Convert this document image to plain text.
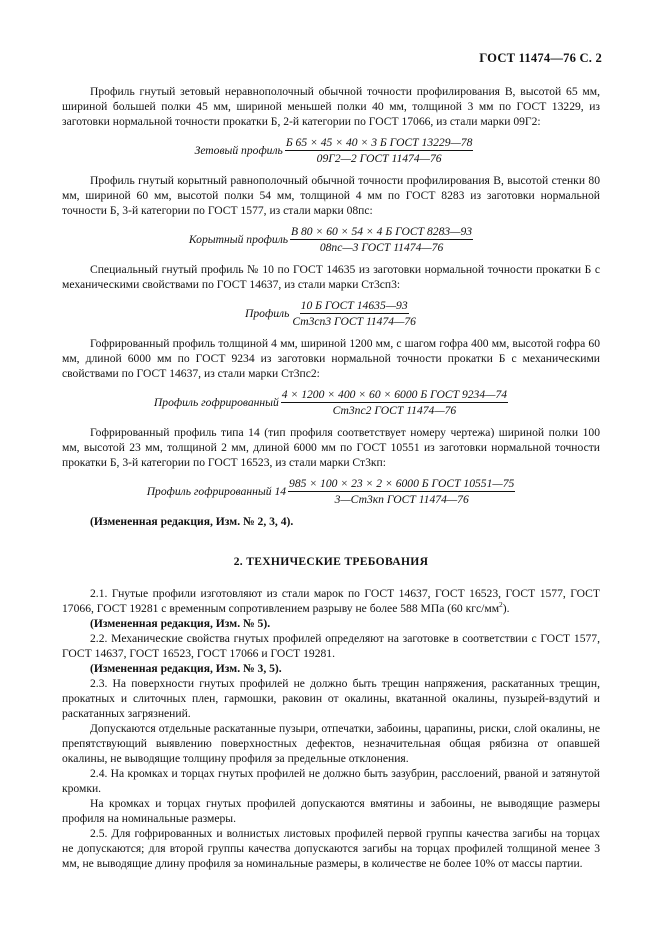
ГОСТ 11474—76 С. 2

Профиль гнутый зетовый неравнополочный обычной точности профилирования В, высотой 65 мм, шириной большей полки 45 мм, шириной меньшей полки 40 мм, толщиной 3 мм по ГОСТ 13229, из заготовки нормальной точности прокатки Б, 2-й категории по ГОСТ 17066, из стали марки 09Г2:

Зетовый профиль $\frac{\text{Б 65 × 45 × 40 × 3 Б ГОСТ 13229—78}}{\text{09Г2—2 ГОСТ 11474—76}}$

Профиль гнутый корытный равнополочный обычной точности профилирования В, высотой стенки 80 мм, шириной 60 мм, высотой полки 54 мм, толщиной 4 мм по ГОСТ 8283 из заготовки нормальной точности Б, 3-й категории по ГОСТ 1577, из стали марки 08пс:

Корытный профиль $\frac{\text{В 80 × 60 × 54 × 4 Б ГОСТ 8283—93}}{\text{08пс—3 ГОСТ 11474—76}}$

Специальный гнутый профиль № 10 по ГОСТ 14635 из заготовки нормальной точности прокатки Б с механическими свойствами по ГОСТ 14637, из стали марки Ст3сп3:

Профиль $\frac{\text{10 Б ГОСТ 14635—93}}{\text{Ст3сп3 ГОСТ 11474—76}}$

Гофрированный профиль толщиной 4 мм, шириной 1200 мм, с шагом гофра 400 мм, высотой гофра 60 мм, длиной 6000 мм по ГОСТ 9234 из заготовки нормальной точности прокатки Б с механическими свойствами по ГОСТ 14637, из стали марки Ст3пс2:

Профиль гофрированный $\frac{\text{4 × 1200 × 400 × 60 × 6000 Б ГОСТ 9234—74}}{\text{Ст3пс2 ГОСТ 11474—76}}$

Гофрированный профиль типа 14 (тип профиля соответствует номеру чертежа) шириной полки 100 мм, высотой 23 мм, толщиной 2 мм, длиной 6000 мм по ГОСТ 10551 из заготовки нормальной точности прокатки Б, 3-й категории по ГОСТ 16523, из стали марки Ст3кп:

Профиль гофрированный $14 \frac{\text{985 × 100 × 23 × 2 × 6000 Б ГОСТ 10551—75}}{\text{3—Ст3кп ГОСТ 11474—76}}$

(Измененная редакция, Изм. № 2, 3, 4).

2. ТЕХНИЧЕСКИЕ ТРЕБОВАНИЯ

2.1. Гнутые профили изготовляют из стали марок по ГОСТ 14637, ГОСТ 16523, ГОСТ 1577, ГОСТ 17066, ГОСТ 19281 с временным сопротивлением разрыву не более 588 МПа (60 кгс/$мм^2$).

(Измененная редакция, Изм. № 5).

2.2. Механические свойства гнутых профилей определяют на заготовке в соответствии с ГОСТ 1577, ГОСТ 14637, ГОСТ 16523, ГОСТ 17066 и ГОСТ 19281.

(Измененная редакция, Изм. № 3, 5).

2.3. На поверхности гнутых профилей не должно быть трещин напряжения, раскатанных трещин, прокатных и слиточных плен, гармошки, раковин от окалины, вкатанной окалины, пузырей-вздутий и раскатанных загрязнений.

Допускаются отдельные раскатанные пузыри, отпечатки, забоины, царапины, риски, слой окалины, не препятствующий выявлению поверхностных дефектов, незначительная общая рябизна от опавшей окалины, не выводящие толщину профиля за предельные отклонения.

2.4. На кромках и торцах гнутых профилей не должно быть зазубрин, расслоений, рваной и затянутой кромки.

На кромках и торцах гнутых профилей допускаются вмятины и забоины, не выводящие размеры профиля на номинальные размеры.

2.5. Для гофрированных и волнистых листовых профилей первой группы качества загибы на торцах не допускаются; для второй группы качества допускаются загибы на торцах профилей толщиной менее 3 мм, не выводящие длину профиля за номинальные размеры, в количестве не более 10% от массы партии.
